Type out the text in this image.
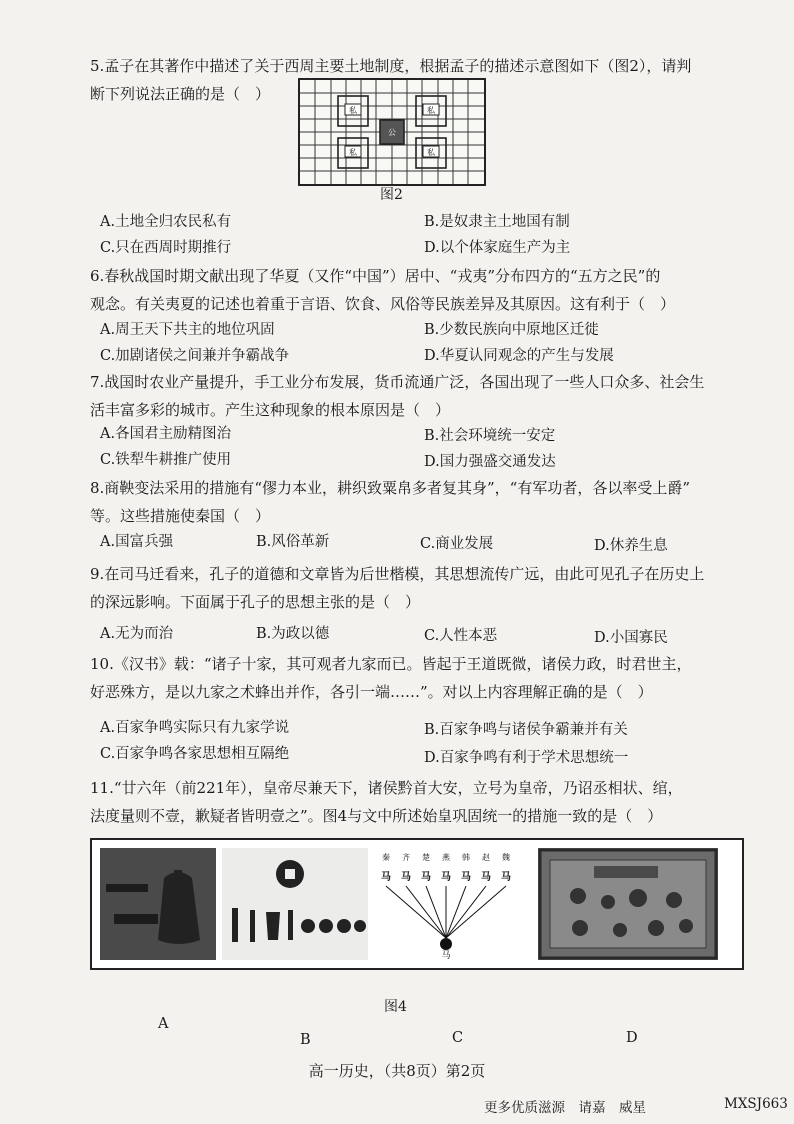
5.孟子在其著作中描述了关于西周主要土地制度，根据孟子的描述示意图如下（图2），请判

断下列说法正确的是（　）

私	私
私	私
公
图2
A.土地全归农民私有	B.是奴隶主土地国有制
C.只在西周时期推行	D.以个体家庭生产为主

6.春秋战国时期文献出现了华夏（又作“中国”）居中、“戎夷”分布四方的“五方之民”的

观念。有关夷夏的记述也着重于言语、饮食、风俗等民族差异及其原因。这有利于（　）

A.周王天下共主的地位巩固	B.少数民族向中原地区迁徙
C.加剧诸侯之间兼并争霸战争	D.华夏认同观念的产生与发展

7.战国时农业产量提升，手工业分布发展，货币流通广泛，各国出现了一些人口众多、社会生

活丰富多彩的城市。产生这种现象的根本原因是（　）

A.各国君主励精图治	B.社会环境统一安定
C.铁犁牛耕推广使用	D.国力强盛交通发达

8.商鞅变法采用的措施有“僇力本业，耕织致粟帛多者复其身”，“有军功者，各以率受上爵”

等。这些措施使秦国（　）

A.国富兵强	B.风俗革新	C.商业发展	D.休养生息

9.在司马迁看来，孔子的道德和文章皆为后世楷模，其思想流传广远，由此可见孔子在历史上

的深远影响。下面属于孔子的思想主张的是（　）

A.无为而治	B.为政以德	C.人性本恶	D.小国寡民

10.《汉书》载：“诸子十家，其可观者九家而已。皆起于王道既微，诸侯力政，时君世主，

好恶殊方，是以九家之术蜂出并作，各引一端……”。对以上内容理解正确的是（　）

A.百家争鸣实际只有九家学说	B.百家争鸣与诸侯争霸兼并有关
C.百家争鸣各家思想相互隔绝	D.百家争鸣有利于学术思想统一

11.“廿六年（前221年），皇帝尽兼天下，诸侯黔首大安，立号为皇帝，乃诏丞相状、绾，

法度量则不壹，歉疑者皆明壹之”。图4与文中所述始皇巩固统一的措施一致的是（　）

秦 齐 楚 燕 韩 赵 魏
马 马 马 马 马 马 马
马
图4
A
B	C	D
高一历史，（共8页）第2页
更多优质滋源　请嘉　威星	MXSJ663
